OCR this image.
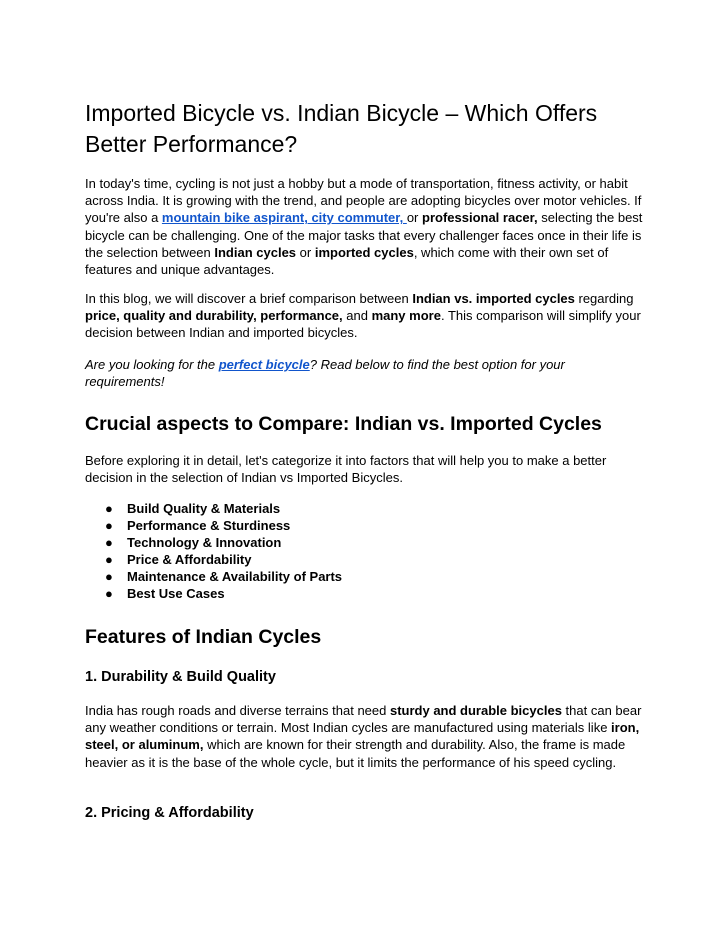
Imported Bicycle vs. Indian Bicycle – Which Offers Better Performance?

In today's time, cycling is not just a hobby but a mode of transportation, fitness activity, or habit across India. It is growing with the trend, and people are adopting bicycles over motor vehicles. If you're also a mountain bike aspirant, city commuter, or professional racer, selecting the best bicycle can be challenging. One of the major tasks that every challenger faces once in their life is the selection between Indian cycles or imported cycles, which come with their own set of features and unique advantages.

In this blog, we will discover a brief comparison between Indian vs. imported cycles regarding price, quality and durability, performance, and many more. This comparison will simplify your decision between Indian and imported bicycles.

Are you looking for the perfect bicycle? Read below to find the best option for your requirements!

Crucial aspects to Compare: Indian vs. Imported Cycles

Before exploring it in detail, let's categorize it into factors that will help you to make a better decision in the selection of Indian vs Imported Bicycles.

● Build Quality & Materials
● Performance & Sturdiness
● Technology & Innovation
● Price & Affordability
● Maintenance & Availability of Parts
● Best Use Cases
Features of Indian Cycles
1. Durability & Build Quality

India has rough roads and diverse terrains that need sturdy and durable bicycles that can bear any weather conditions or terrain. Most Indian cycles are manufactured using materials like iron, steel, or aluminum, which are known for their strength and durability. Also, the frame is made heavier as it is the base of the whole cycle, but it limits the performance of his speed cycling.

2. Pricing & Affordability
